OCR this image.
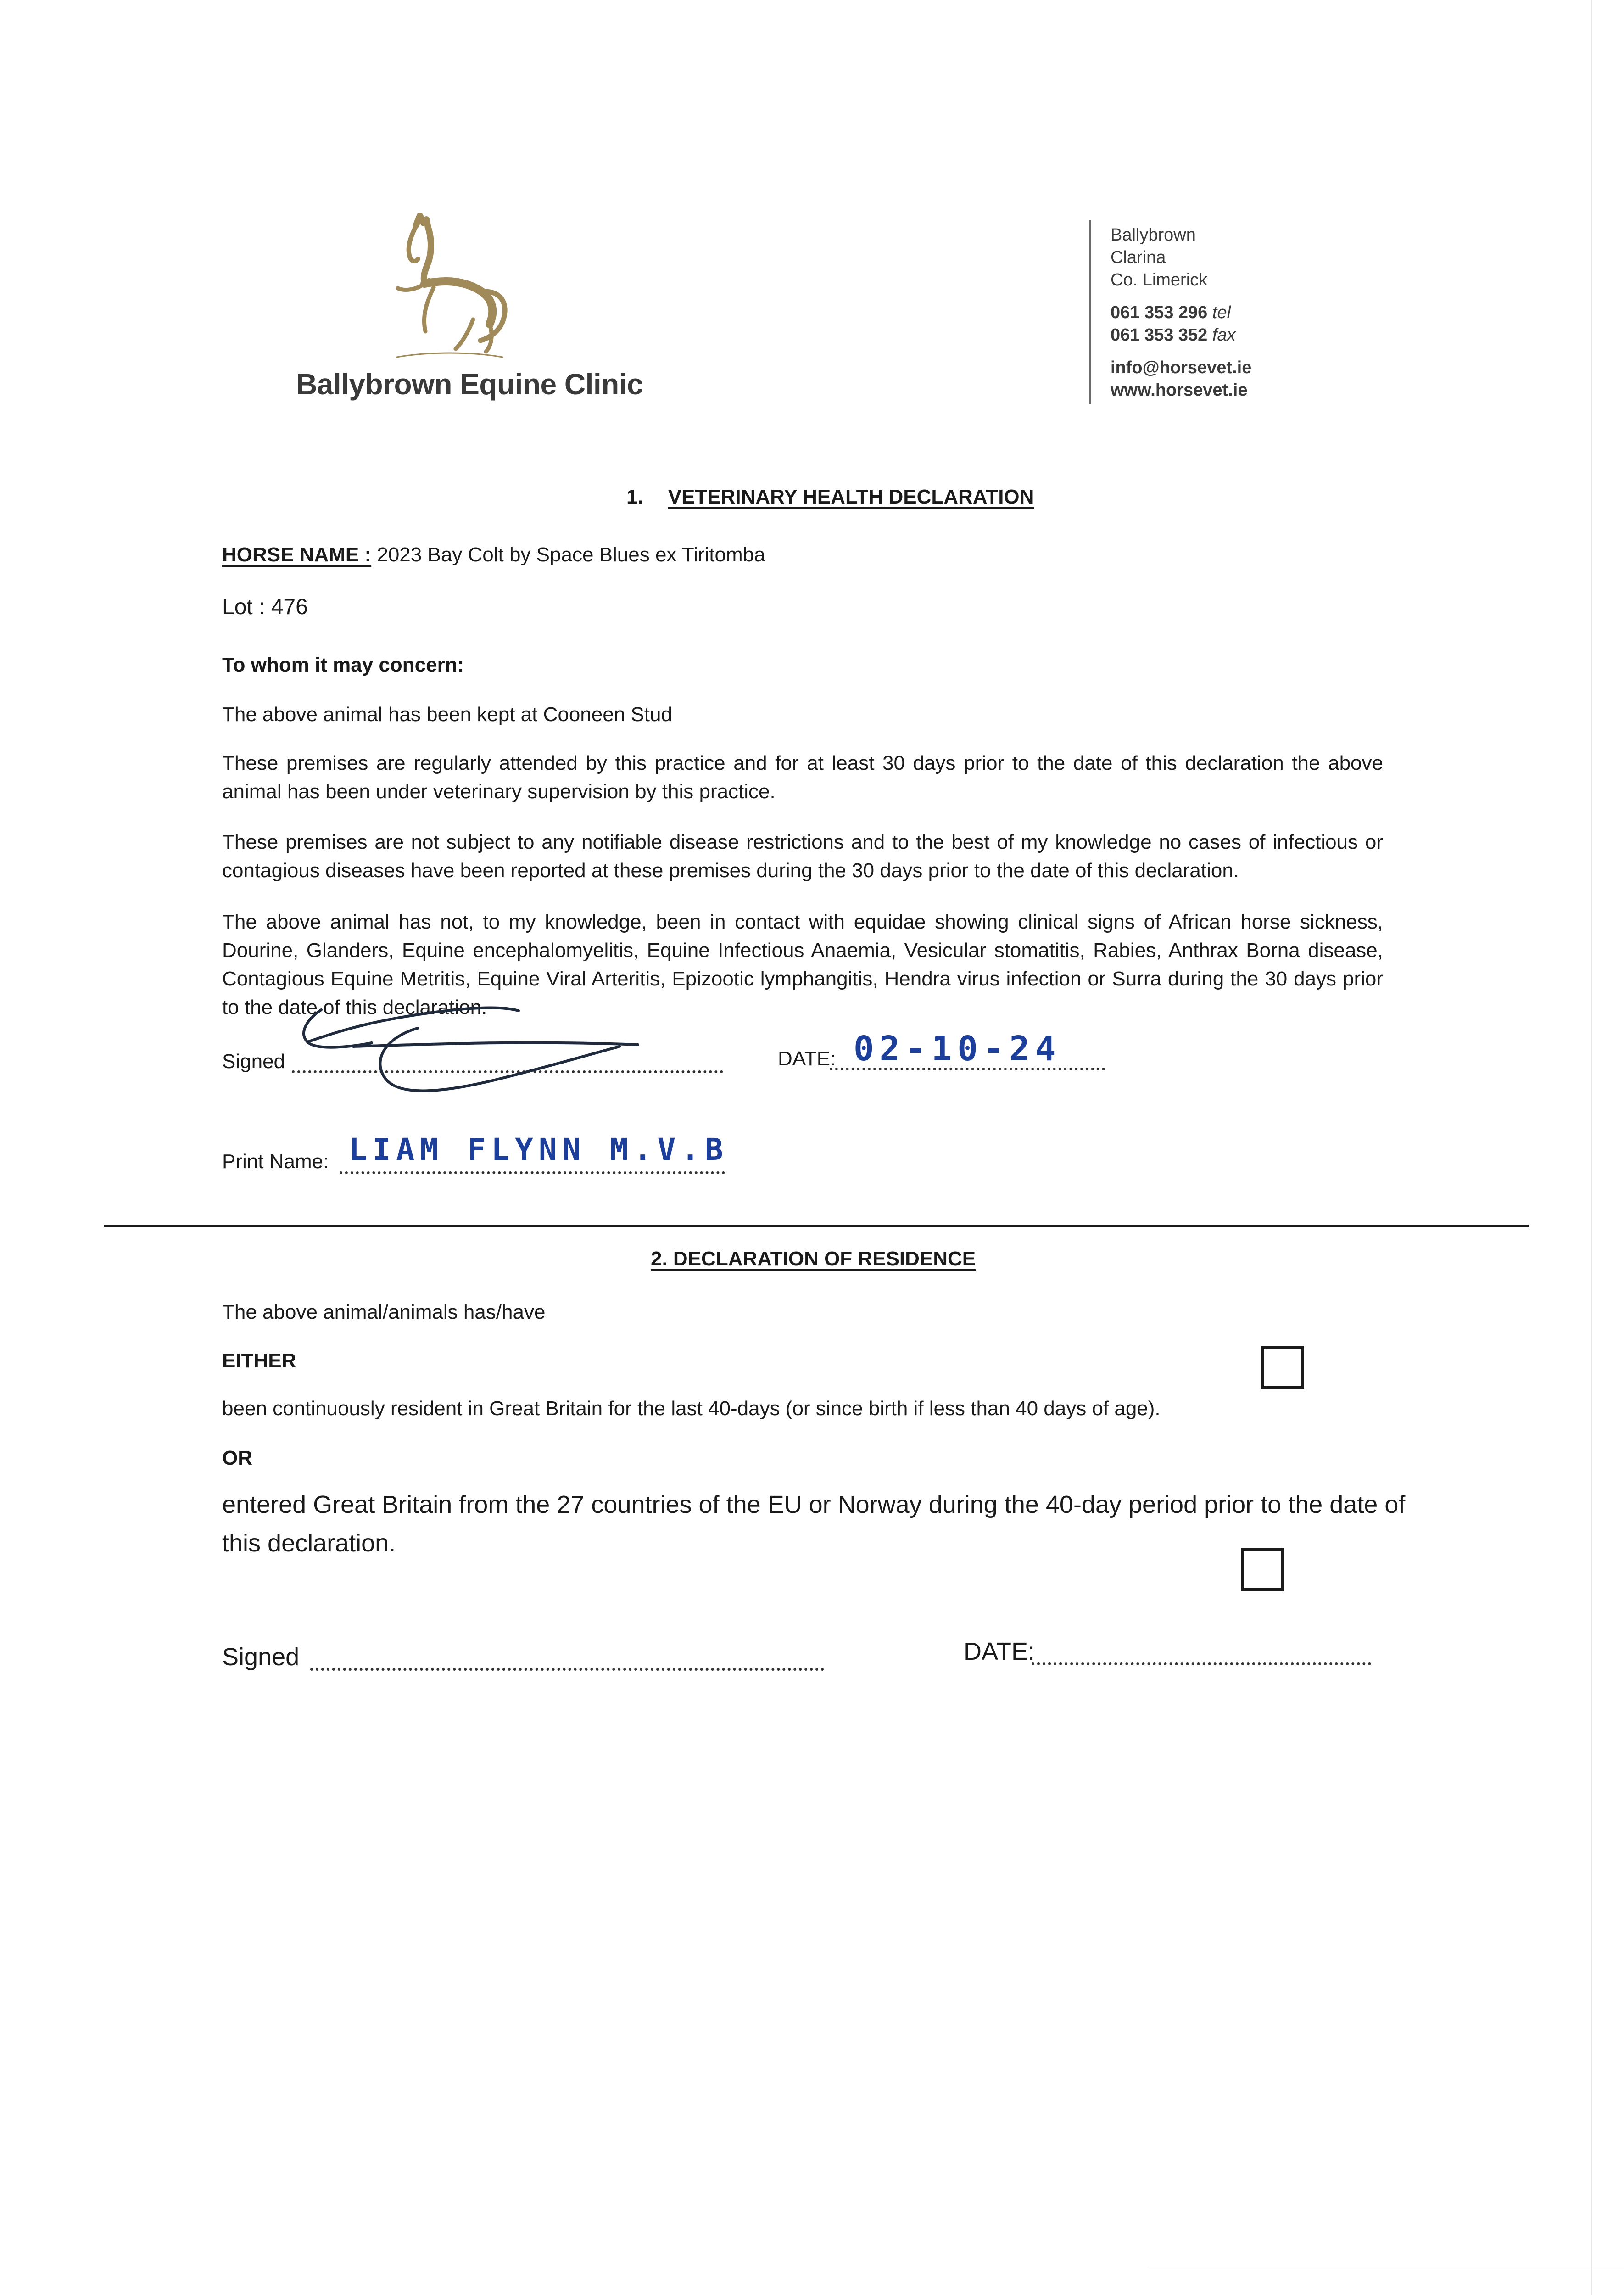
Ballybrown Equine Clinic
Ballybrown
Clarina
Co. Limerick
061 353 296 tel
061 353 352 fax
info@horsevet.ie
www.horsevet.ie
1. VETERINARY HEALTH DECLARATION
HORSE NAME : 2023 Bay Colt by Space Blues ex Tiritomba
Lot : 476
To whom it may concern:
The above animal has been kept at Cooneen Stud
These premises are regularly attended by this practice and for at least 30 days prior to the date of this declaration the above animal has been under veterinary supervision by this practice.
These premises are not subject to any notifiable disease restrictions and to the best of my knowledge no cases of infectious or contagious diseases have been reported at these premises during the 30 days prior to the date of this declaration.
The above animal has not, to my knowledge, been in contact with equidae showing clinical signs of African horse sickness, Dourine, Glanders, Equine encephalomyelitis, Equine Infectious Anaemia, Vesicular stomatitis, Rabies, Anthrax Borna disease, Contagious Equine Metritis, Equine Viral Arteritis, Epizootic lymphangitis, Hendra virus infection or Surra during the 30 days prior to the date of this declaration.
Signed	DATE: 02-10-24
Print Name: LIAM FLYNN M.V.B
2. DECLARATION OF RESIDENCE
The above animal/animals has/have
EITHER
been continuously resident in Great Britain for the last 40-days (or since birth if less than 40 days of age).
OR
entered Great Britain from the 27 countries of the EU or Norway during the 40-day period prior to the date of this declaration.
Signed	DATE:
